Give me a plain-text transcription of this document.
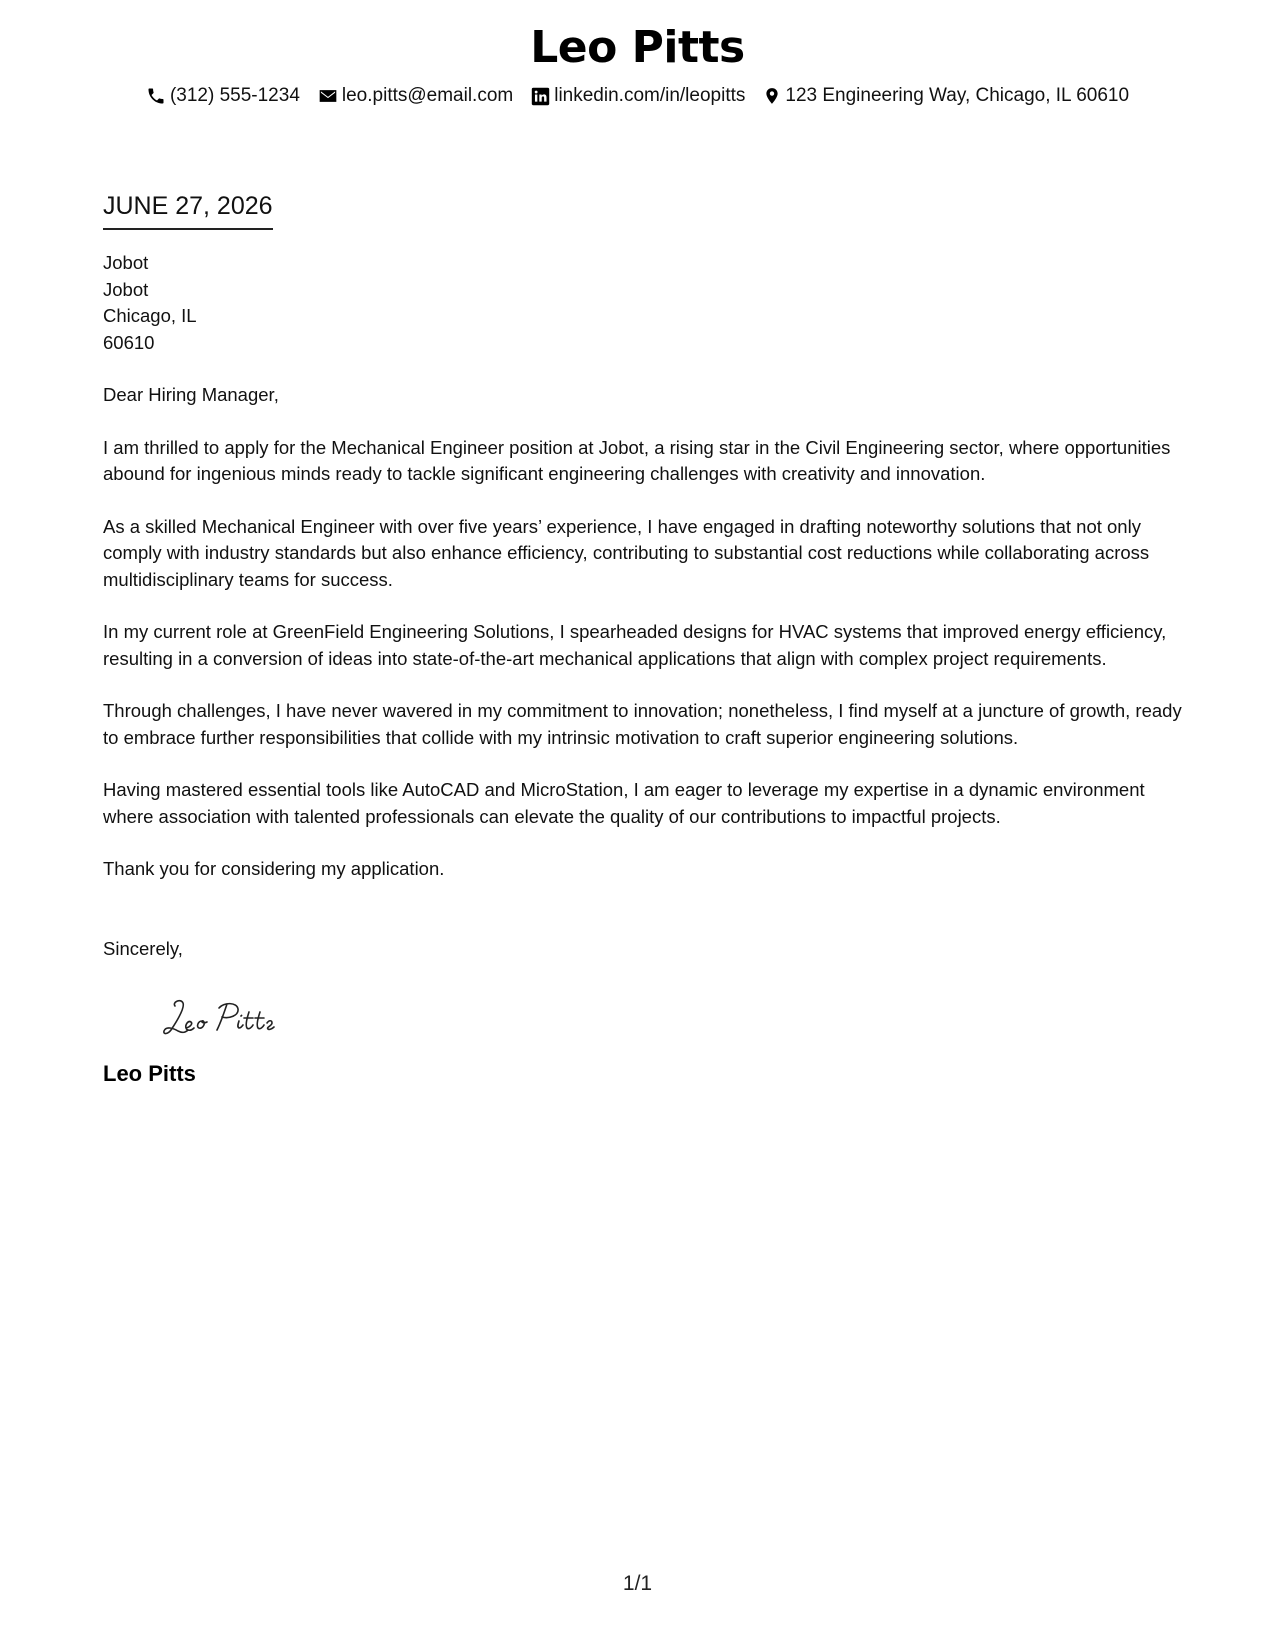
Leo Pitts
(312) 555-1234 leo.pitts@email.com linkedin.com/in/leopitts 123 Engineering Way, Chicago, IL 60610
JUNE 27, 2026
Jobot
Jobot
Chicago, IL
60610
Dear Hiring Manager,
I am thrilled to apply for the Mechanical Engineer position at Jobot, a rising star in the Civil Engineering sector, where opportunities abound for ingenious minds ready to tackle significant engineering challenges with creativity and innovation.
As a skilled Mechanical Engineer with over five years’ experience, I have engaged in drafting noteworthy solutions that not only comply with industry standards but also enhance efficiency, contributing to substantial cost reductions while collaborating across multidisciplinary teams for success.
In my current role at GreenField Engineering Solutions, I spearheaded designs for HVAC systems that improved energy efficiency, resulting in a conversion of ideas into state-of-the-art mechanical applications that align with complex project requirements.
Through challenges, I have never wavered in my commitment to innovation; nonetheless, I find myself at a juncture of growth, ready to embrace further responsibilities that collide with my intrinsic motivation to craft superior engineering solutions.
Having mastered essential tools like AutoCAD and MicroStation, I am eager to leverage my expertise in a dynamic environment where association with talented professionals can elevate the quality of our contributions to impactful projects.
Thank you for considering my application.
Sincerely,
Leo Pitts
1/1
